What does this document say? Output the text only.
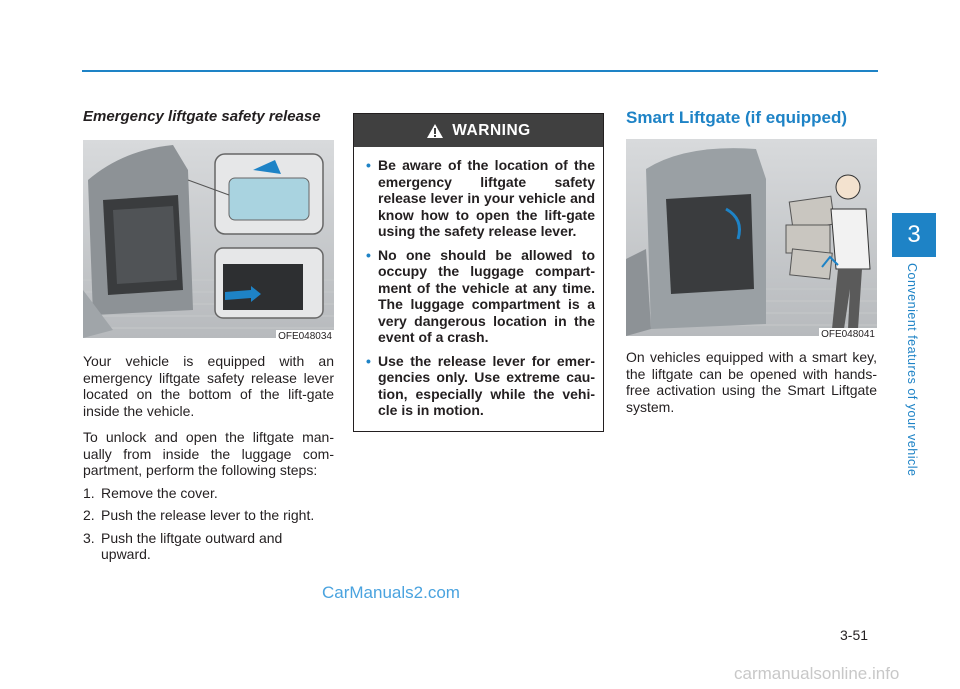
3
Convenient features of your vehicle
Emergency liftgate safety release
OFE048034

Your vehicle is equipped with an emergency liftgate safety release lever located on the bottom of the lift-gate inside the vehicle.

To unlock and open the liftgate man-ually from inside the luggage com-partment, perform the following steps:

1. Remove the cover.
2. Push the release lever to the right.
3. Push the liftgate outward and upward.
WARNING
• Be aware of the location of the emergency liftgate safety release lever in your vehicle and know how to open the lift-gate using the safety release lever.
• No one should be allowed to occupy the luggage compart-ment of the vehicle at any time. The luggage compartment is a very dangerous location in the event of a crash.
• Use the release lever for emer-gencies only. Use extreme cau-tion, especially while the vehi-cle is in motion.
Smart Liftgate (if equipped)
OFE048041

On vehicles equipped with a smart key, the liftgate can be opened with hands-free activation using the Smart Liftgate system.

3-51
CarManuals2.com
carmanualsonline.info
